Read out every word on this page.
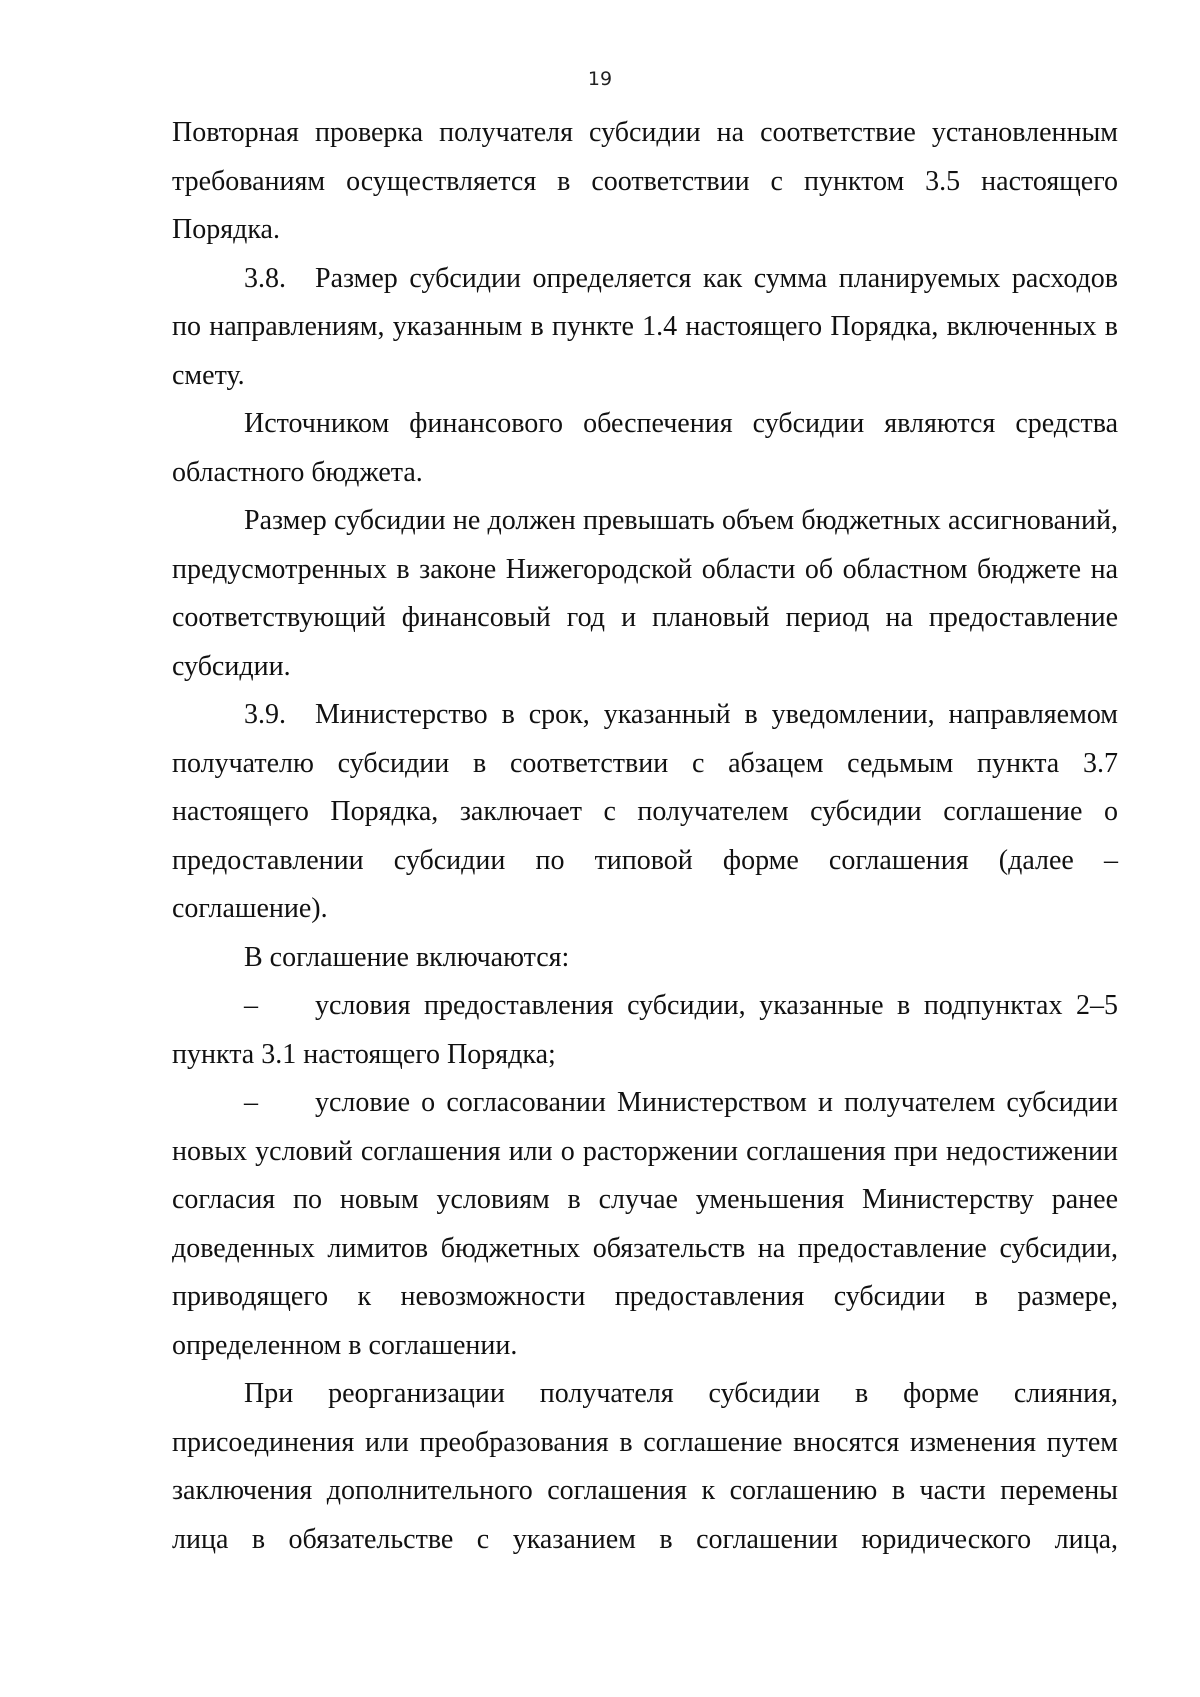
19

Повторная проверка получателя субсидии на соответствие установленным требованиям осуществляется в соответствии с пунктом 3.5 настоящего Порядка.

3.8. Размер субсидии определяется как сумма планируемых расходов по направлениям, указанным в пункте 1.4 настоящего Порядка, включенных в смету.

Источником финансового обеспечения субсидии являются средства областного бюджета.

Размер субсидии не должен превышать объем бюджетных ассигнований, предусмотренных в законе Нижегородской области об областном бюджете на соответствующий финансовый год и плановый период на предоставление субсидии.

3.9. Министерство в срок, указанный в уведомлении, направляемом получателю субсидии в соответствии с абзацем седьмым пункта 3.7 настоящего Порядка, заключает с получателем субсидии соглашение о предоставлении субсидии по типовой форме соглашения (далее – соглашение).

В соглашение включаются:

– условия предоставления субсидии, указанные в подпунктах 2–5 пункта 3.1 настоящего Порядка;

– условие о согласовании Министерством и получателем субсидии новых условий соглашения или о расторжении соглашения при недостижении согласия по новым условиям в случае уменьшения Министерству ранее доведенных лимитов бюджетных обязательств на предоставление субсидии, приводящего к невозможности предоставления субсидии в размере, определенном в соглашении.

При реорганизации получателя субсидии в форме слияния, присоединения или преобразования в соглашение вносятся изменения путем заключения дополнительного соглашения к соглашению в части перемены лица в обязательстве с указанием в соглашении юридического лица,
